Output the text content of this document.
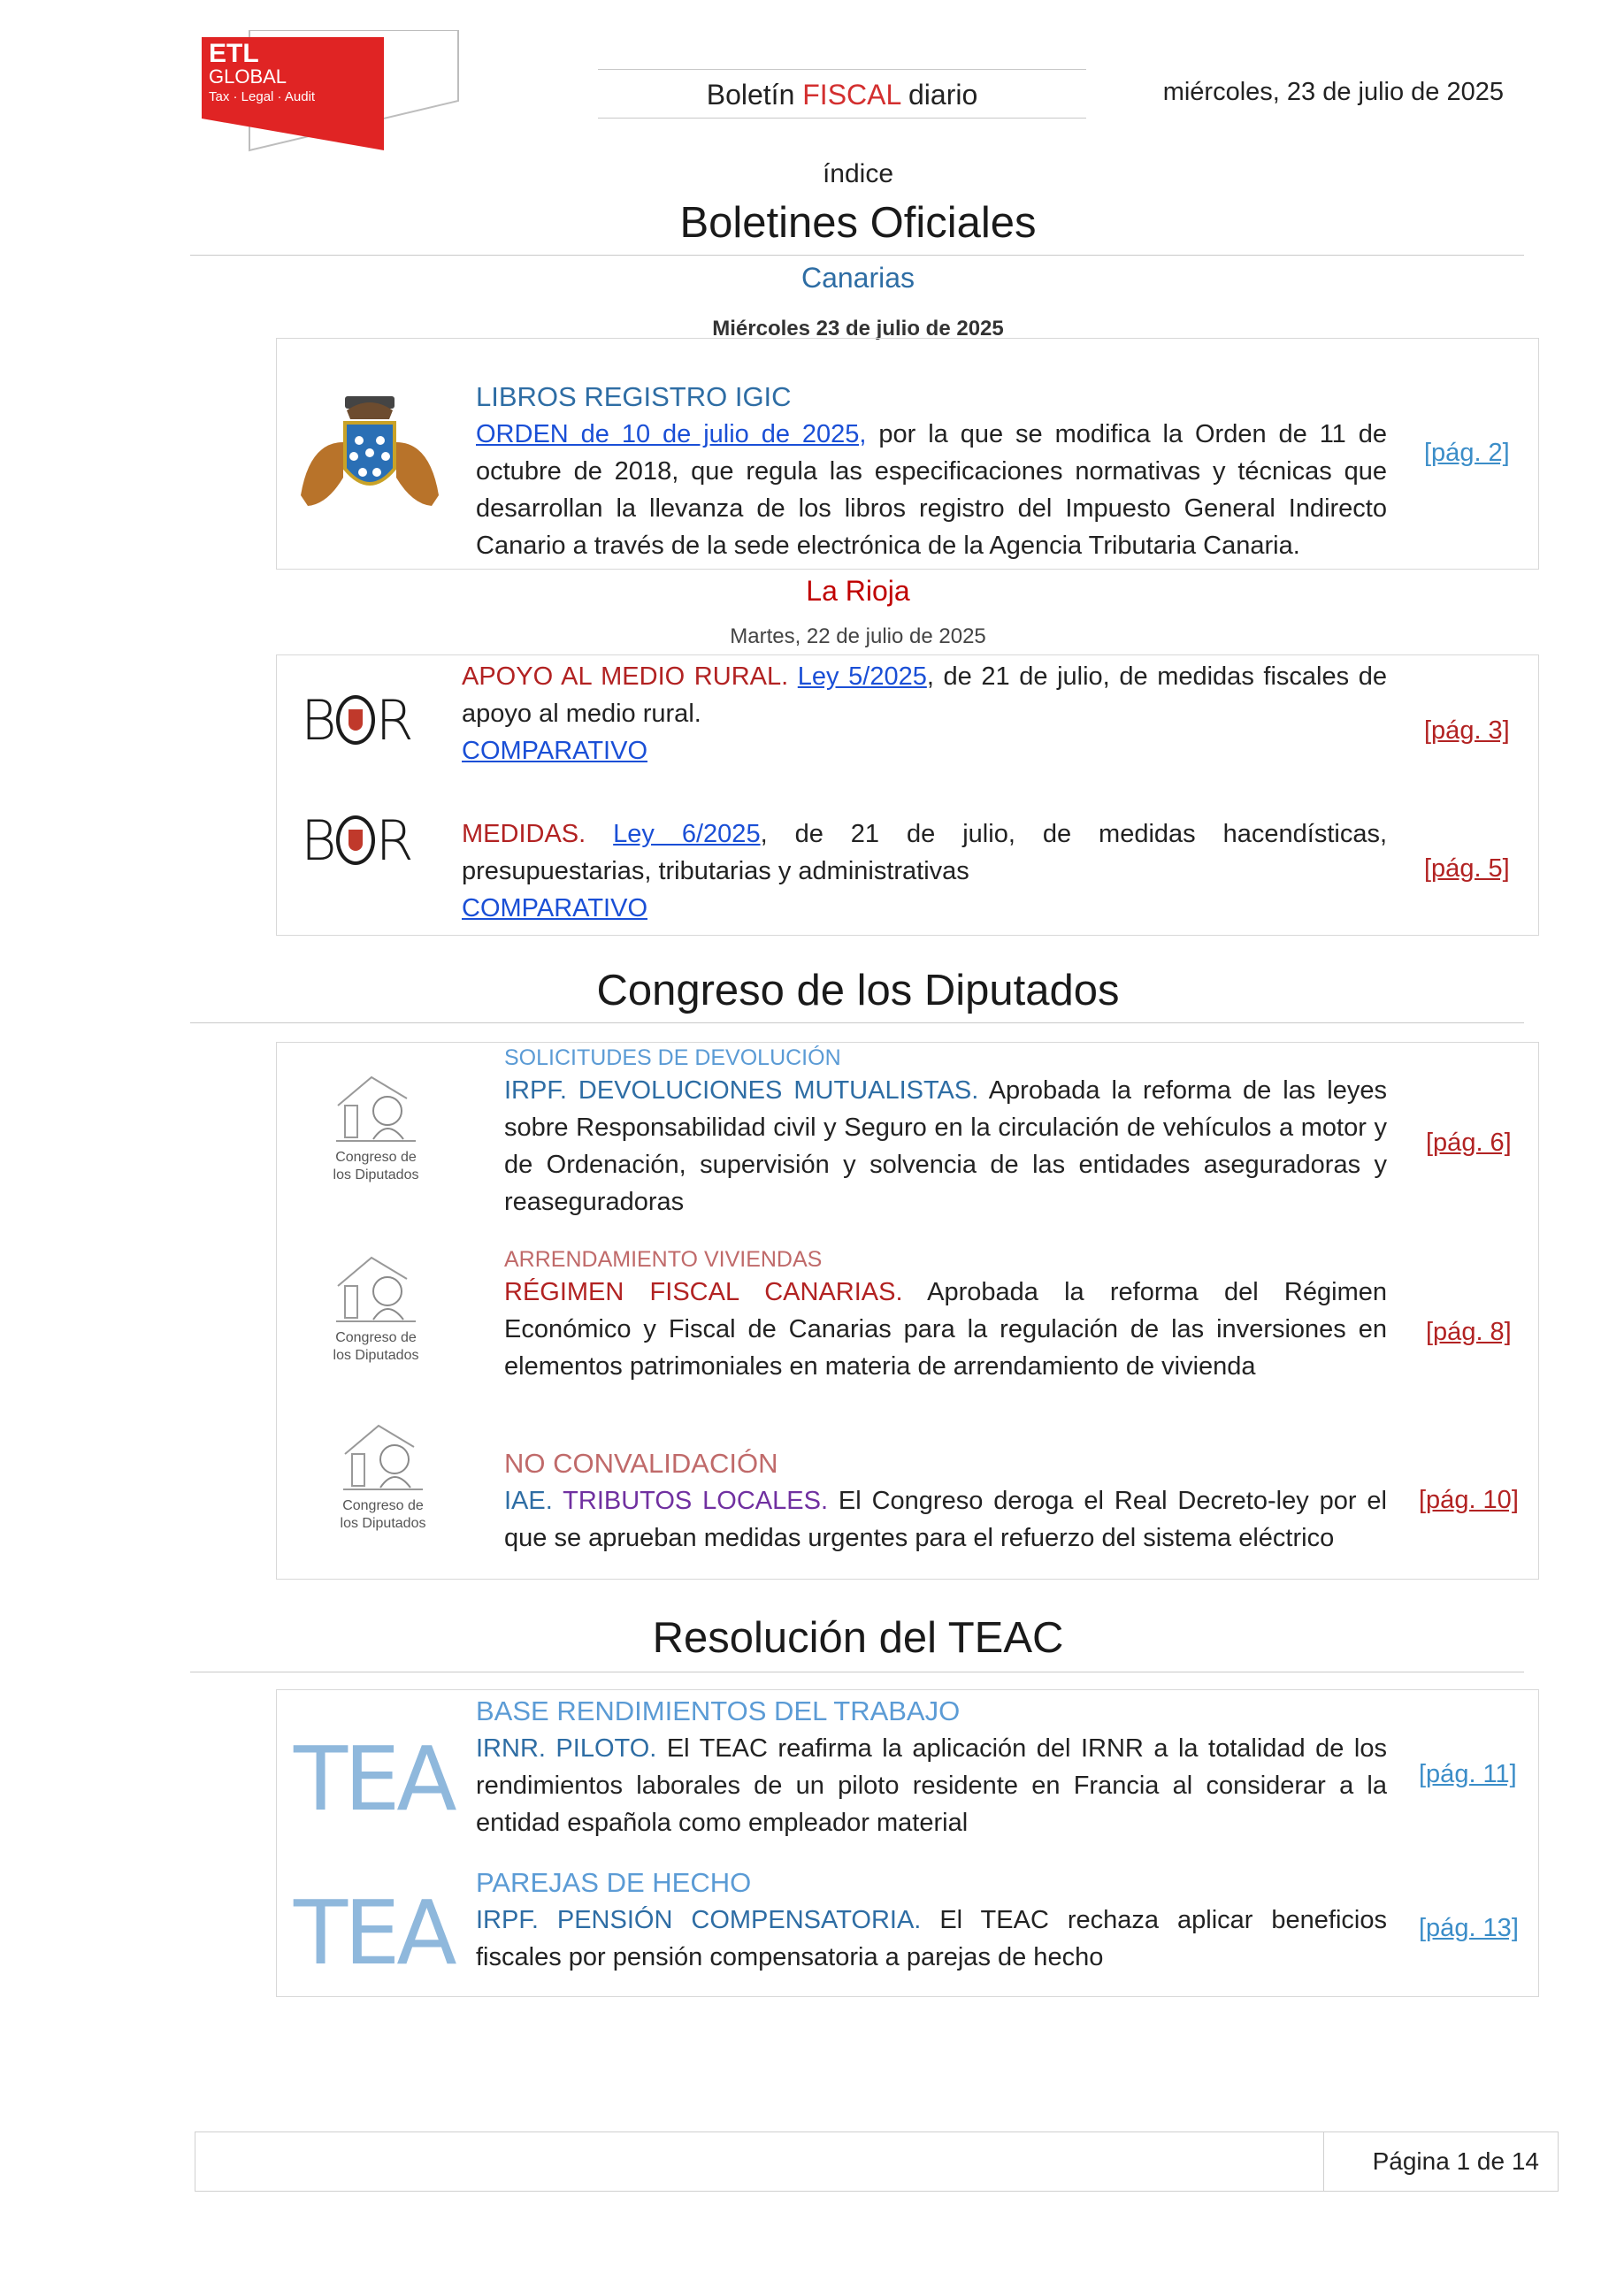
ETL
GLOBAL
Tax · Legal · Audit	Boletín FISCAL diario	miércoles, 23 de julio de 2025
índice
Boletines Oficiales
Canarias
Miércoles 23 de julio de 2025
LIBROS REGISTRO IGIC
ORDEN de 10 de julio de 2025, por la que se modifica la Orden de 11 de octubre de 2018, que regula las especificaciones normativas y técnicas que desarrollan la llevanza de los libros registro del Impuesto General Indirecto Canario a través de la sede electrónica de la Agencia Tributaria Canaria.
[pág. 2]
La Rioja
Martes, 22 de julio de 2025
B R
APOYO AL MEDIO RURAL. Ley 5/2025, de 21 de julio, de medidas fiscales de apoyo al medio rural.
COMPARATIVO
[pág. 3]
B R MEDIDAS. Ley 6/2025, de 21 de julio, de medidas hacendísticas, presupuestarias, tributarias y administrativas
COMPARATIVO
[pág. 5]
Congreso de los Diputados
Congreso de
los Diputados
SOLICITUDES DE DEVOLUCIÓN
IRPF. DEVOLUCIONES MUTUALISTAS. Aprobada la reforma de las leyes sobre Responsabilidad civil y Seguro en la circulación de vehículos a motor y de Ordenación, supervisión y solvencia de las entidades aseguradoras y reaseguradoras
[pág. 6]
Congreso de
los Diputados
ARRENDAMIENTO VIVIENDAS
RÉGIMEN FISCAL CANARIAS. Aprobada la reforma del Régimen Económico y Fiscal de Canarias para la regulación de las inversiones en elementos patrimoniales en materia de arrendamiento de vivienda
[pág. 8]
Congreso de
los Diputados
NO CONVALIDACIÓN
IAE. TRIBUTOS LOCALES. El Congreso deroga el Real Decreto-ley por el que se aprueban medidas urgentes para el refuerzo del sistema eléctrico
[pág. 10]
Resolución del TEAC
TEA
BASE RENDIMIENTOS DEL TRABAJO
IRNR. PILOTO. El TEAC reafirma la aplicación del IRNR a la totalidad de los rendimientos laborales de un piloto residente en Francia al considerar a la entidad española como empleador material
[pág. 11]
TEA PAREJAS DE HECHO
IRPF. PENSIÓN COMPENSATORIA. El TEAC rechaza aplicar beneficios fiscales por pensión compensatoria a parejas de hecho
[pág. 13]
Página 1 de 14
